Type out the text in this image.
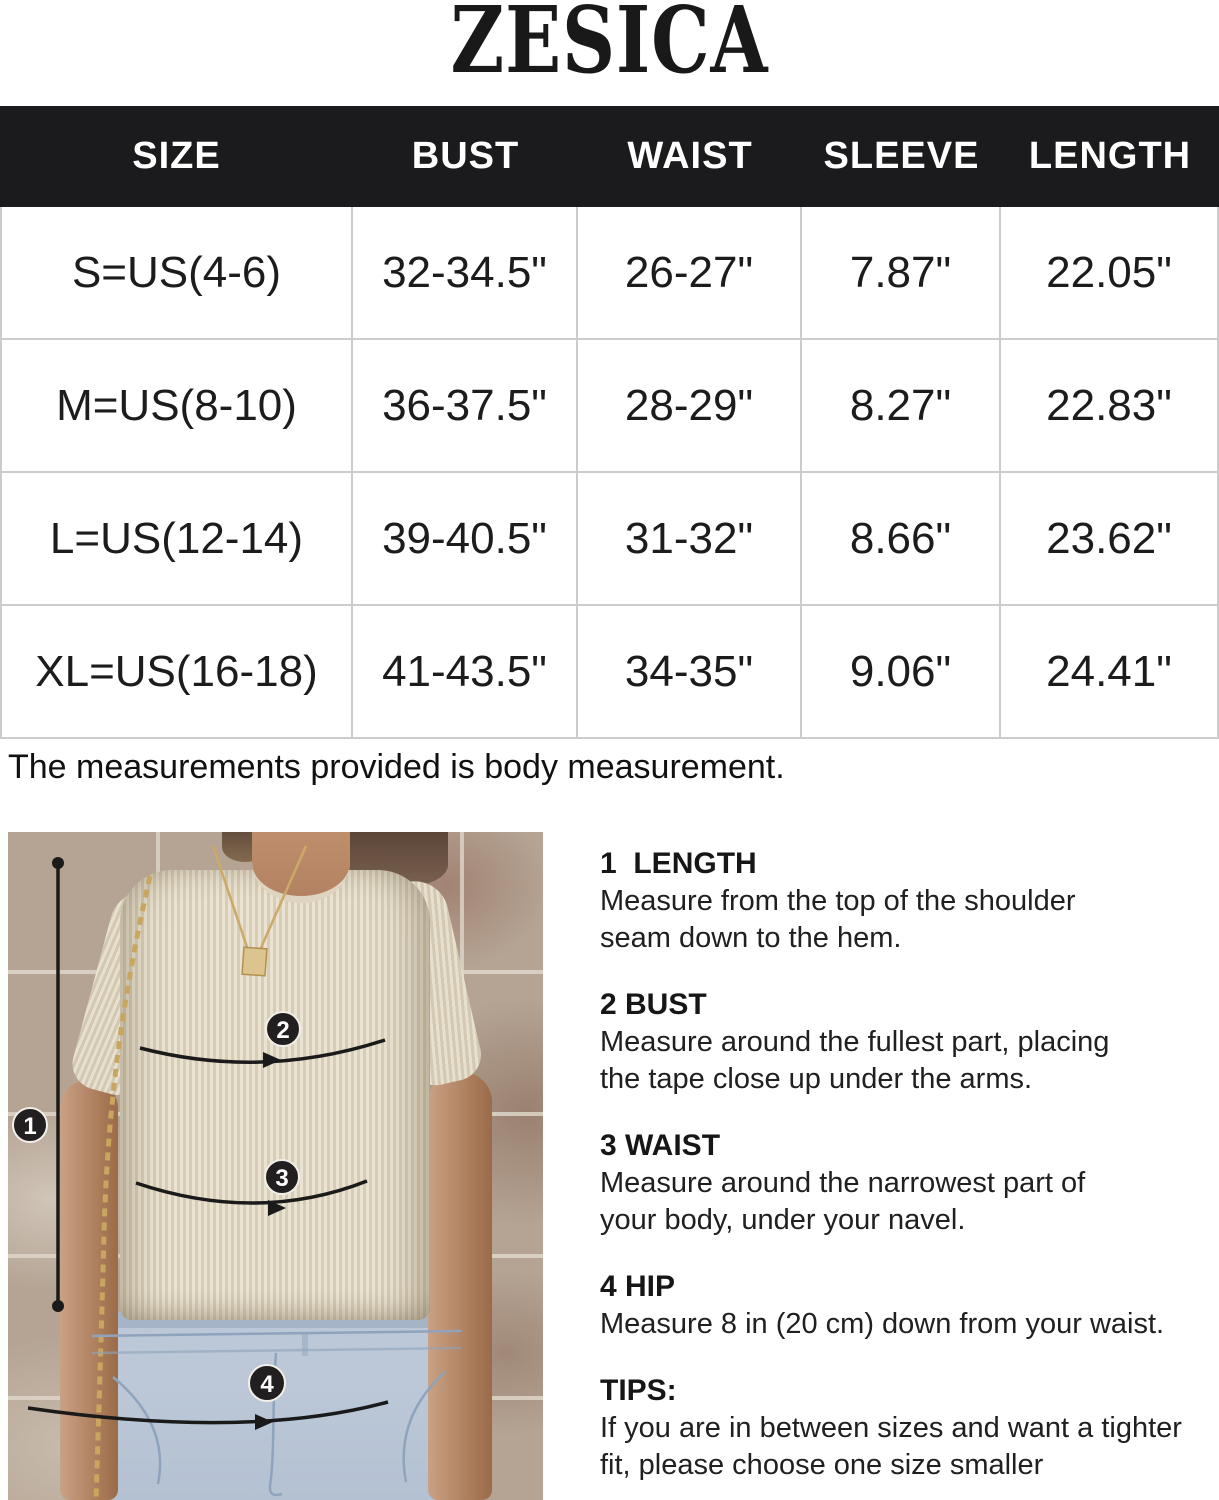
ZESICA
SIZE	BUST	WAIST	SLEEVE	LENGTH
S=US(4-6)	32-34.5"	26-27"	7.87"	22.05"
M=US(8-10)	36-37.5"	28-29"	8.27"	22.83"
L=US(12-14)	39-40.5"	31-32"	8.66"	23.62"
XL=US(16-18)	41-43.5"	34-35"	9.06"	24.41"

The measurements provided is body measurement.

1
2
3
4
1  LENGTH
Measure from the top of the shoulder
seam down to the hem.
2 BUST
Measure around the fullest part, placing
the tape close up under the arms.
3 WAIST
Measure around the narrowest part of
your body, under your navel.
4 HIP
Measure 8 in (20 cm) down from your waist.
TIPS:
If you are in between sizes and want a tighter
fit, please choose one size smaller
